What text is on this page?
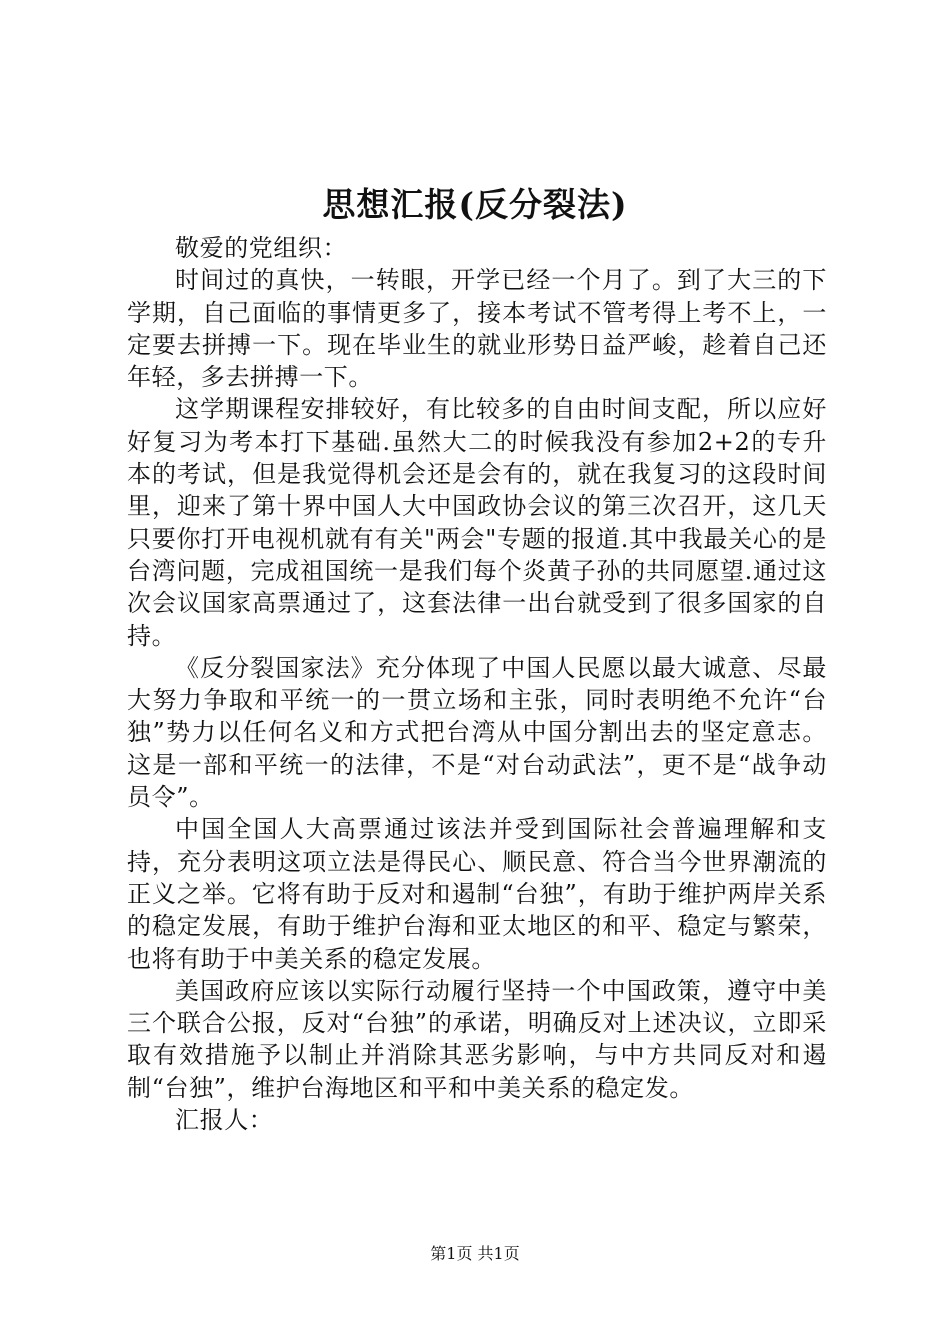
思想汇报(反分裂法)

敬爱的党组织：

时间过的真快，一转眼，开学已经一个月了。到了大三的下学期，自己面临的事情更多了，接本考试不管考得上考不上，一定要去拼搏一下。现在毕业生的就业形势日益严峻，趁着自己还年轻，多去拼搏一下。

这学期课程安排较好，有比较多的自由时间支配，所以应好好复习为考本打下基础.虽然大二的时候我没有参加2+2的专升本的考试，但是我觉得机会还是会有的，就在我复习的这段时间里，迎来了第十界中国人大中国政协会议的第三次召开，这几天只要你打开电视机就有有关"两会"专题的报道.其中我最关心的是台湾问题，完成祖国统一是我们每个炎黄子孙的共同愿望.通过这次会议国家高票通过了，这套法律一出台就受到了很多国家的自持。

《反分裂国家法》充分体现了中国人民愿以最大诚意、尽最大努力争取和平统一的一贯立场和主张，同时表明绝不允许“台独”势力以任何名义和方式把台湾从中国分割出去的坚定意志。这是一部和平统一的法律，不是“对台动武法”，更不是“战争动员令”。

中国全国人大高票通过该法并受到国际社会普遍理解和支持，充分表明这项立法是得民心、顺民意、符合当今世界潮流的正义之举。它将有助于反对和遏制“台独”，有助于维护两岸关系的稳定发展，有助于维护台海和亚太地区的和平、稳定与繁荣，也将有助于中美关系的稳定发展。

美国政府应该以实际行动履行坚持一个中国政策，遵守中美三个联合公报，反对“台独”的承诺，明确反对上述决议，立即采取有效措施予以制止并消除其恶劣影响，与中方共同反对和遏制“台独”，维护台海地区和平和中美关系的稳定发。

汇报人：

第1页 共1页
